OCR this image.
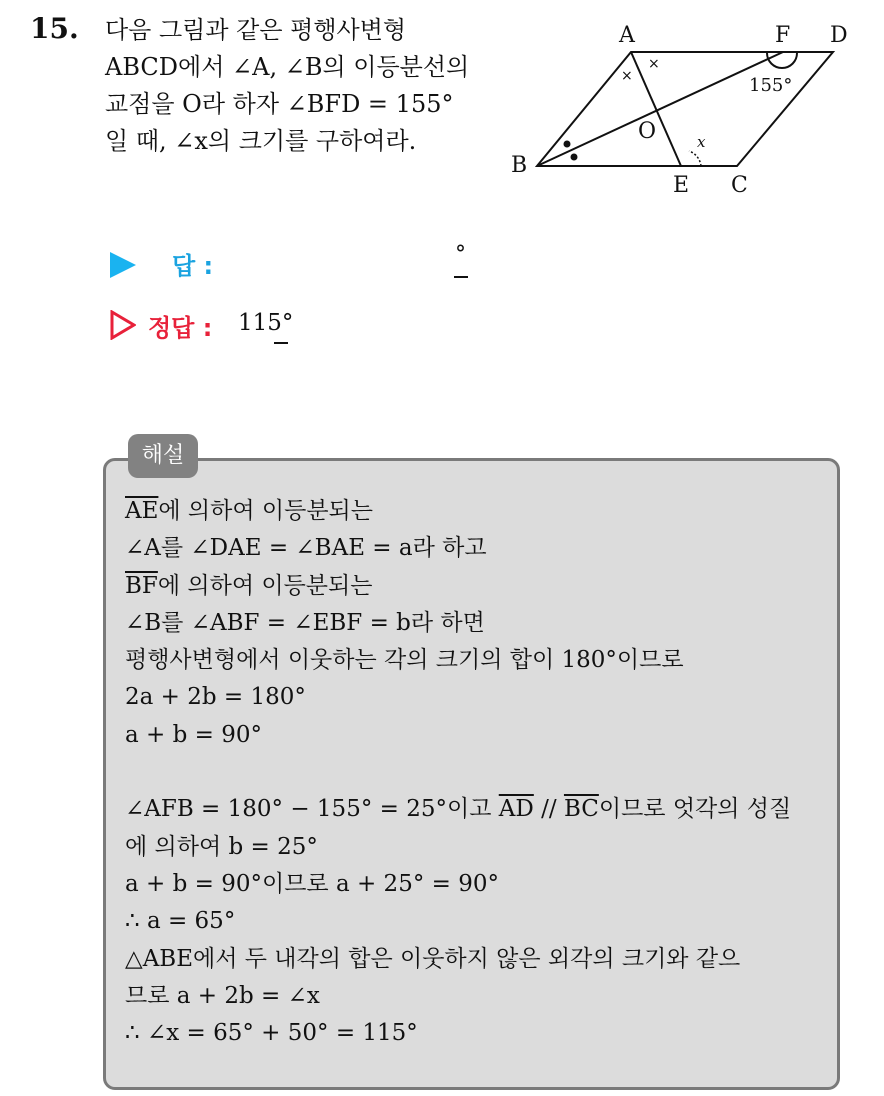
15. 다음 그림과 같은 평행사변형
ABCD에서 ∠A, ∠B의 이등분선의
교점을 O라 하자 ∠BFD = 155°
일 때, ∠x의 크기를 구하여라.
A	F D
O
B
E C
155°
x
×
×
답 :	°
정답 : 115°
해설
$\overline{AE}$에 의하여 이등분되는
∠A를 ∠DAE = ∠BAE = a라 하고
$\overline{BF}$에 의하여 이등분되는
∠B를 ∠ABF = ∠EBF = b라 하면
평행사변형에서 이웃하는 각의 크기의 합이 180°이므로
2a + 2b = 180°
a + b = 90°
∠AFB = 180° − 155° = 25°이고 $\overline{AD} // \overline{BC}$이므로 엇각의 성질
에 의하여 b = 25°
a + b = 90°이므로 a + 25° = 90°
∴ a = 65°
△ABE에서 두 내각의 합은 이웃하지 않은 외각의 크기와 같으
므로 a + 2b = ∠x
∴ ∠x = 65° + 50° = 115°
